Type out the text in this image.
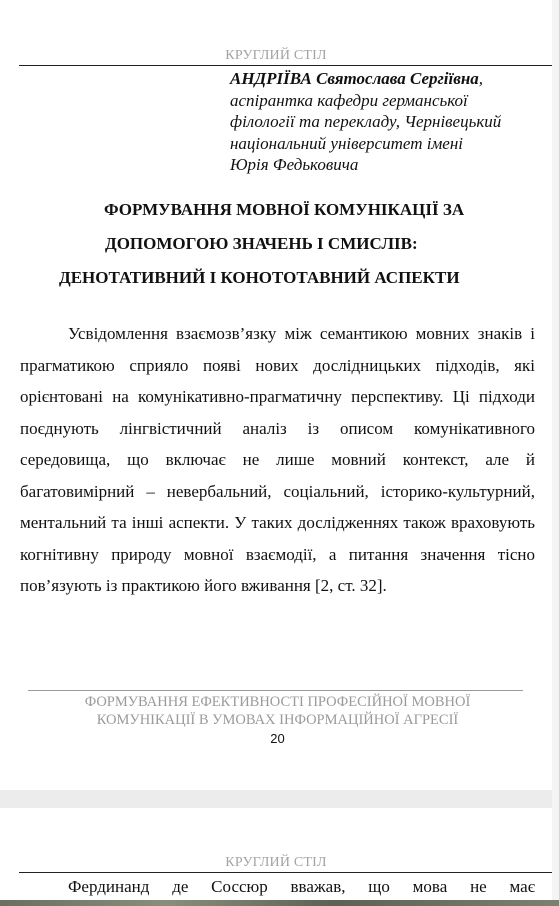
КРУГЛИЙ СТІЛ
АНДРІЇВА Святослава Сергіївна,
аспірантка кафедри германської
філології та перекладу, Чернівецький
національний університет імені
Юрія Федьковича
ФОРМУВАННЯ МОВНОЇ КОМУНІКАЦІЇ ЗА
ДОПОМОГОЮ ЗНАЧЕНЬ І СМИСЛІВ:
ДЕНОТАТИВНИЙ І КОНОТОТАВНИЙ АСПЕКТИ

Усвідомлення взаємозв’язку між семантикою мовних знаків і прагматикою сприяло появі нових дослідницьких підходів, які орієнтовані на комунікативно-прагматичну перспективу. Ці підходи поєднують лінгвістичний аналіз із описом комунікативного середовища, що включає не лише мовний контекст, але й багатовимірний – невербальний, соціальний, історико-культурний, ментальний та інші аспекти. У таких дослідженнях також враховують когнітивну природу мовної взаємодії, а питання значення тісно пов’язують із практикою його вживання [2, ст. 32].

ФОРМУВАННЯ ЕФЕКТИВНОСТІ ПРОФЕСІЙНОЇ МОВНОЇ
КОМУНІКАЦІЇ В УМОВАХ ІНФОРМАЦІЙНОЇ АГРЕСІЇ
20
КРУГЛИЙ СТІЛ

Фердинанд де Соссюр вважав, що мова не має
